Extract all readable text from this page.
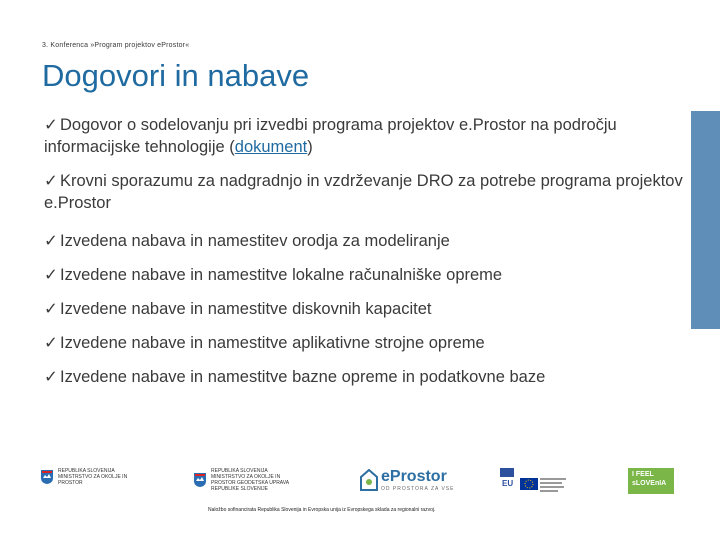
3. Konferenca »Program projektov eProstor«
Dogovori in nabave
✓ Dogovor o sodelovanju pri izvedbi programa projektov e.Prostor na področju informacijske tehnologije (dokument)
✓ Krovni sporazumu za nadgradnjo in vzdrževanje DRO za potrebe programa projektov e.Prostor
✓ Izvedena nabava in namestitev orodja za modeliranje
✓ Izvedene nabave in namestitve lokalne računalniške opreme
✓ Izvedene nabave in namestitve diskovnih kapacitet
✓ Izvedene nabave in namestitve aplikativne strojne opreme
✓ Izvedene nabave in namestitve bazne opreme in podatkovne baze
REPUBLIKA SLOVENIJA MINISTRSTVO ZA OKOLJE IN PROSTOR
REPUBLIKA SLOVENIJA MINISTRSTVO ZA OKOLJE IN PROSTOR GEODETSKA UPRAVA REPUBLIKE SLOVENIJE
eProstor
OD PROSTORA ZA VSE
EU
I FEEL sLOVEnIA
Naložbo sofinancirata Republika Slovenija in Evropska unija iz Evropskega sklada za regionalni razvoj.
